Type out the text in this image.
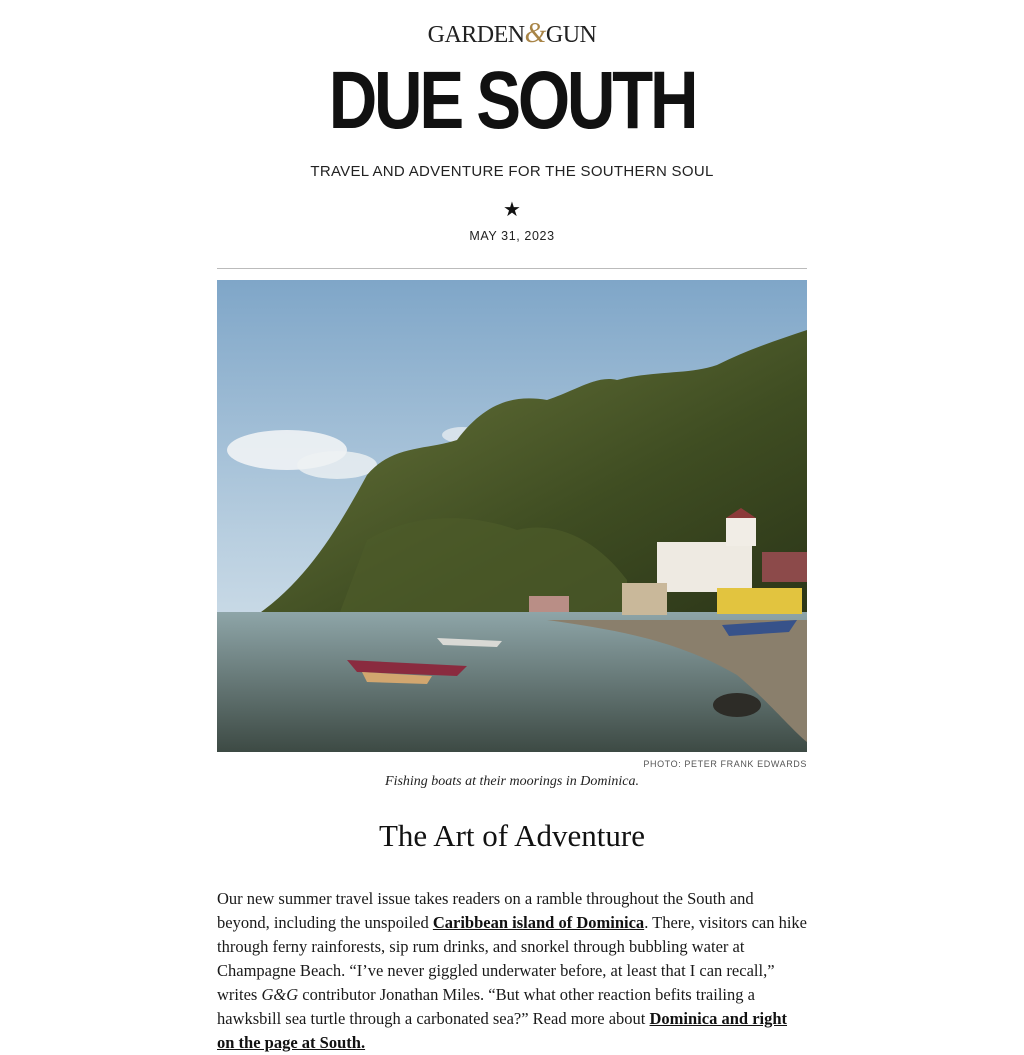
GARDEN&GUN
DUE SOUTH
TRAVEL AND ADVENTURE FOR THE SOUTHERN SOUL
★
MAY 31, 2023
PHOTO: PETER FRANK EDWARDS
Fishing boats at their moorings in Dominica.
The Art of Adventure
Our new summer travel issue takes readers on a ramble throughout the South and beyond, including the unspoiled Caribbean island of Dominica. There, visitors can hike through ferny rainforests, sip rum drinks, and snorkel through bubbling water at Champagne Beach. “I’ve never giggled underwater before, at least that I can recall,” writes G&G contributor Jonathan Miles. “But what other reaction befits trailing a hawksbill sea turtle through a carbonated sea?” Read more about Dominica and right on the page at South.
